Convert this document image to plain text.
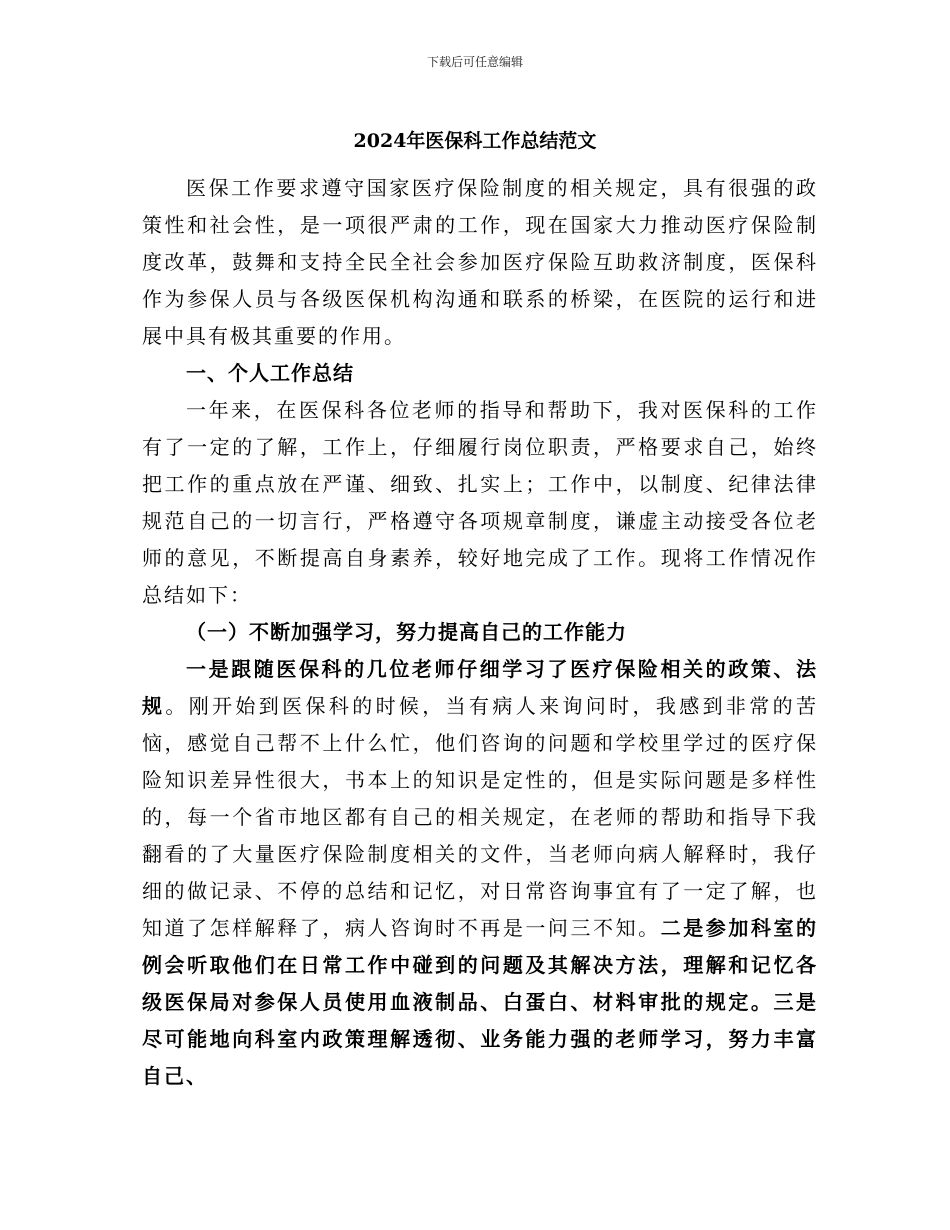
下载后可任意编辑
2024年医保科工作总结范文

医保工作要求遵守国家医疗保险制度的相关规定，具有很强的政策性和社会性，是一项很严肃的工作，现在国家大力推动医疗保险制度改革，鼓舞和支持全民全社会参加医疗保险互助救济制度，医保科作为参保人员与各级医保机构沟通和联系的桥梁，在医院的运行和进展中具有极其重要的作用。

一、个人工作总结

一年来，在医保科各位老师的指导和帮助下，我对医保科的工作有了一定的了解，工作上，仔细履行岗位职责，严格要求自己，始终把工作的重点放在严谨、细致、扎实上；工作中，以制度、纪律法律规范自己的一切言行，严格遵守各项规章制度，谦虚主动接受各位老师的意见，不断提高自身素养，较好地完成了工作。现将工作情况作总结如下：

（一）不断加强学习，努力提高自己的工作能力

一是跟随医保科的几位老师仔细学习了医疗保险相关的政策、法规。刚开始到医保科的时候，当有病人来询问时，我感到非常的苦恼，感觉自己帮不上什么忙，他们咨询的问题和学校里学过的医疗保险知识差异性很大，书本上的知识是定性的，但是实际问题是多样性的，每一个省市地区都有自己的相关规定，在老师的帮助和指导下我翻看的了大量医疗保险制度相关的文件，当老师向病人解释时，我仔细的做记录、不停的总结和记忆，对日常咨询事宜有了一定了解，也知道了怎样解释了，病人咨询时不再是一问三不知。二是参加科室的例会听取他们在日常工作中碰到的问题及其解决方法，理解和记忆各级医保局对参保人员使用血液制品、白蛋白、材料审批的规定。三是尽可能地向科室内政策理解透彻、业务能力强的老师学习，努力丰富自己、
